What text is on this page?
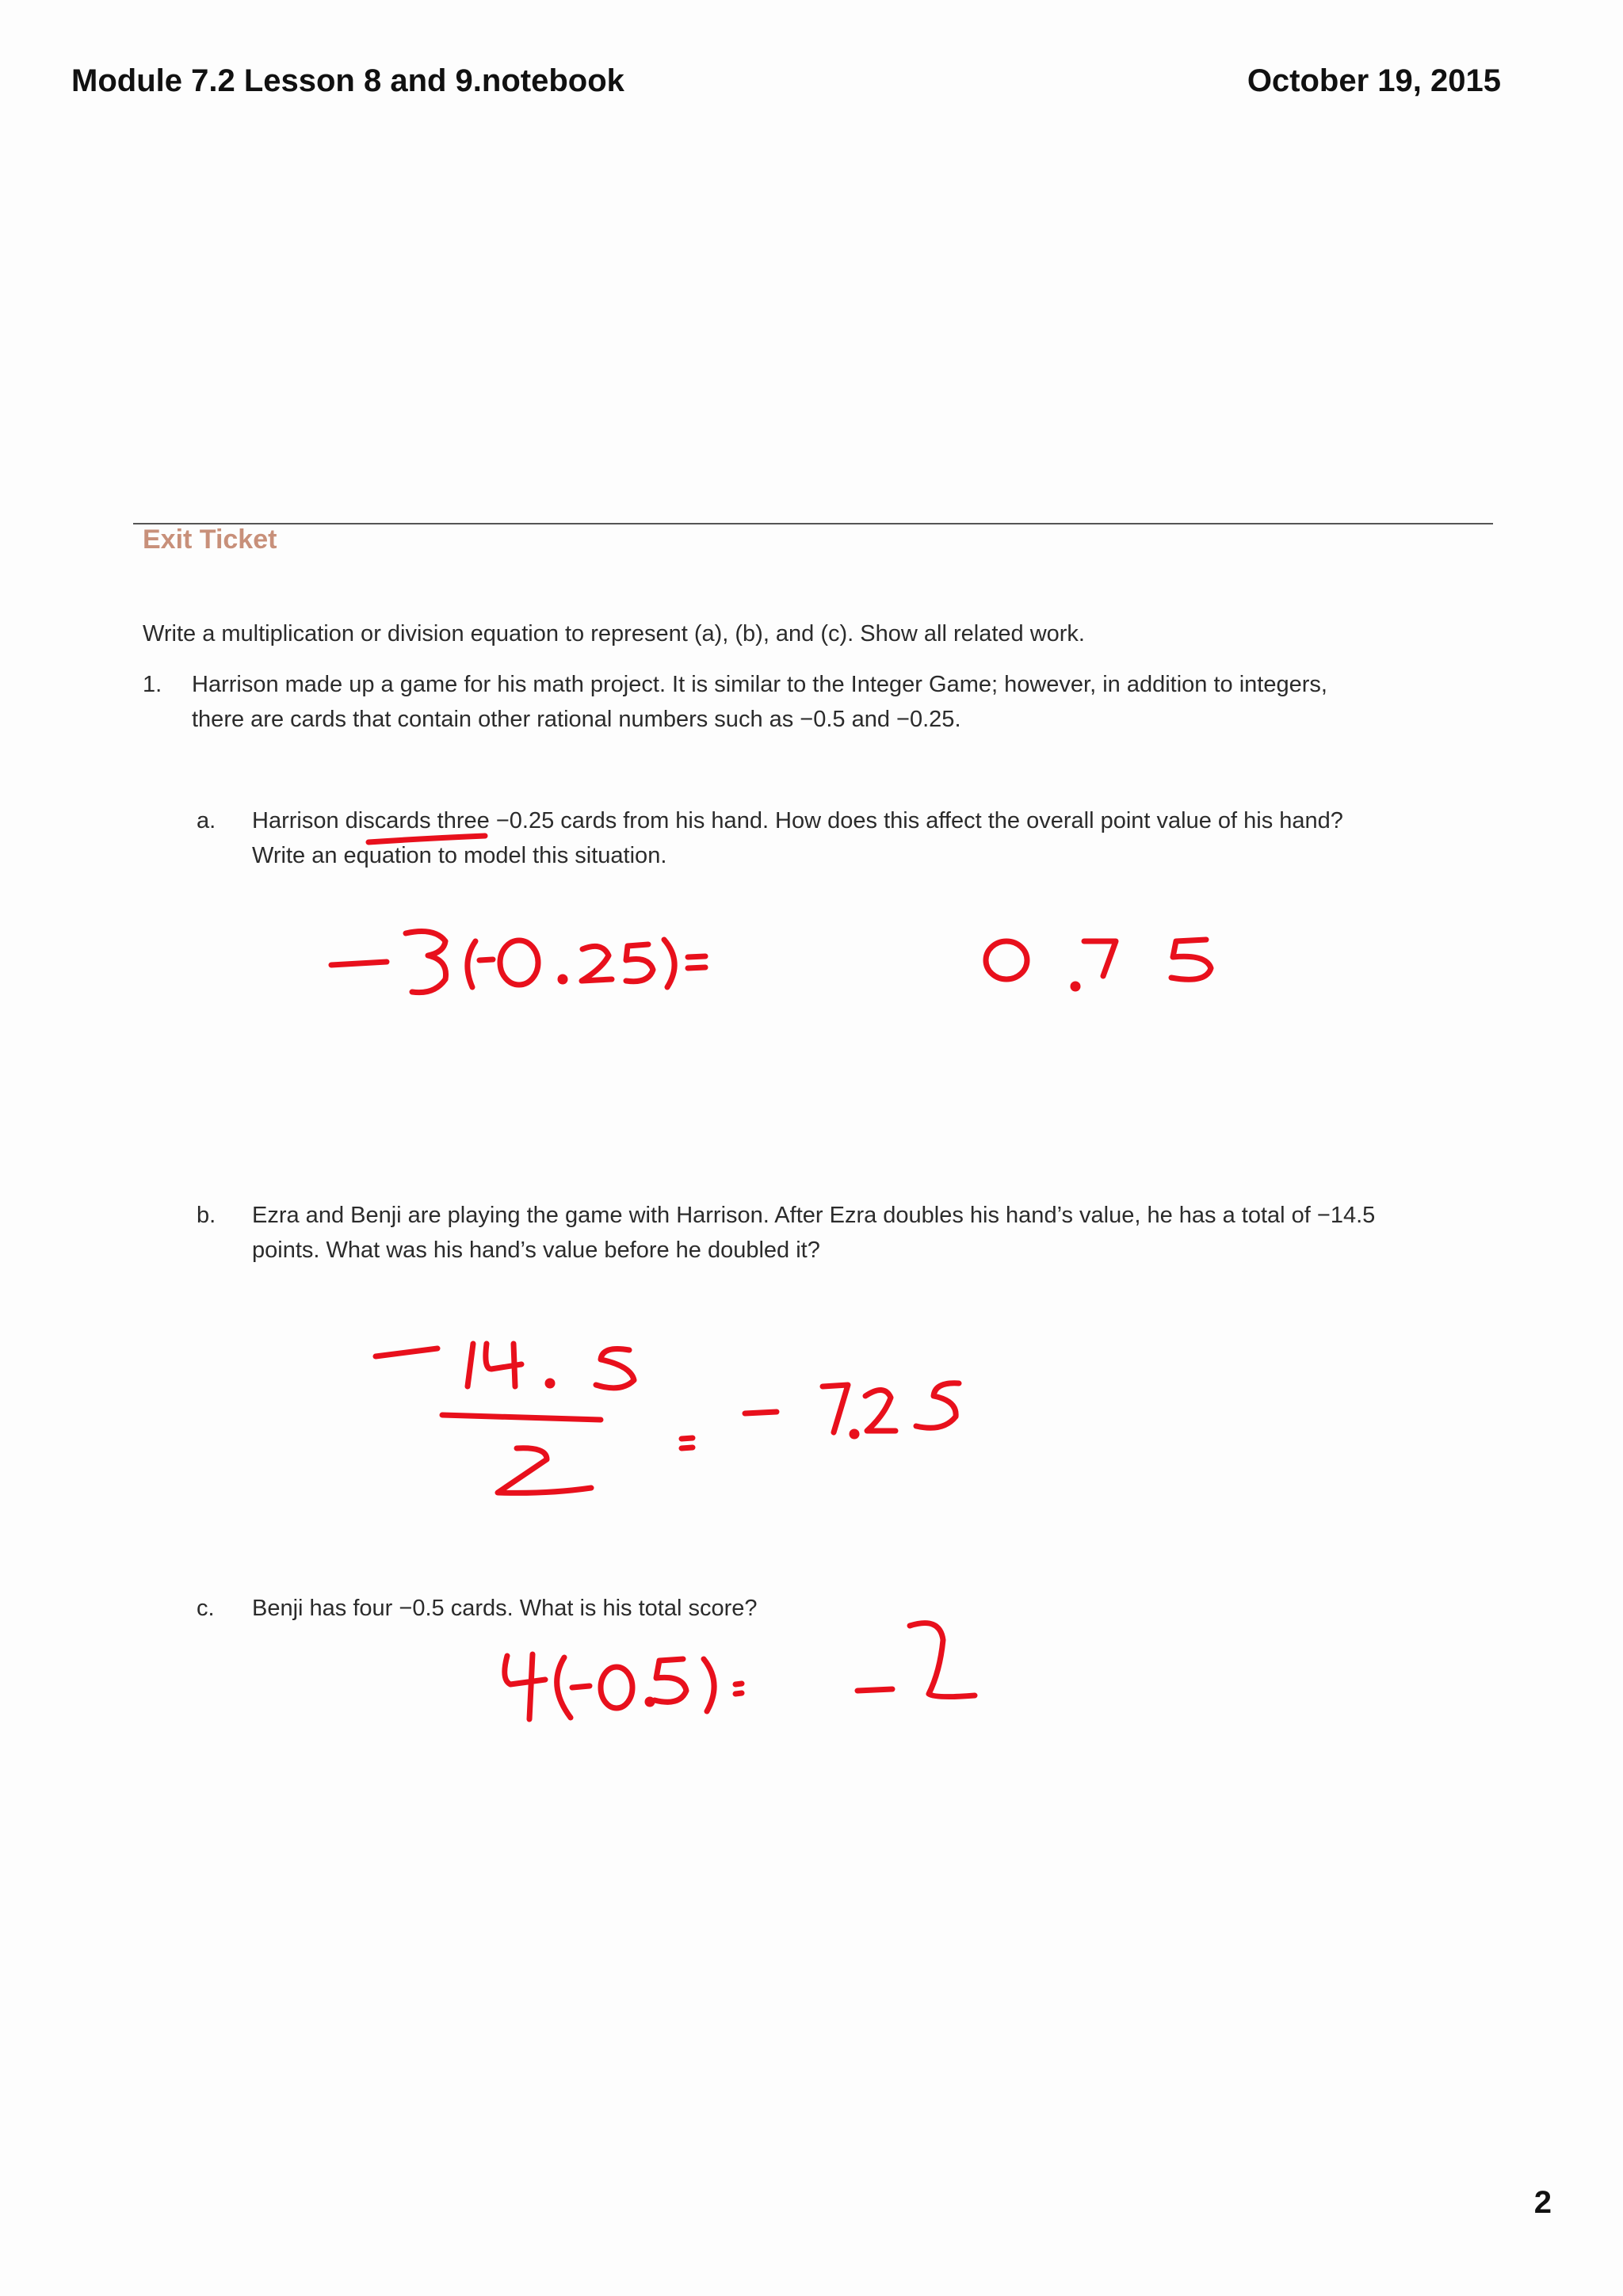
Module 7.2 Lesson 8 and 9.notebook	October 19, 2015
Exit Ticket
Write a multiplication or division equation to represent (a), (b), and (c). Show all related work.
1. Harrison made up a game for his math project. It is similar to the Integer Game; however, in addition to integers,
there are cards that contain other rational numbers such as −0.5 and −0.25.
a. Harrison discards three −0.25 cards from his hand. How does this affect the overall point value of his hand?
Write an equation to model this situation.
b. Ezra and Benji are playing the game with Harrison. After Ezra doubles his hand’s value, he has a total of −14.5
points. What was his hand’s value before he doubled it?
c. Benji has four −0.5 cards. What is his total score?
2
